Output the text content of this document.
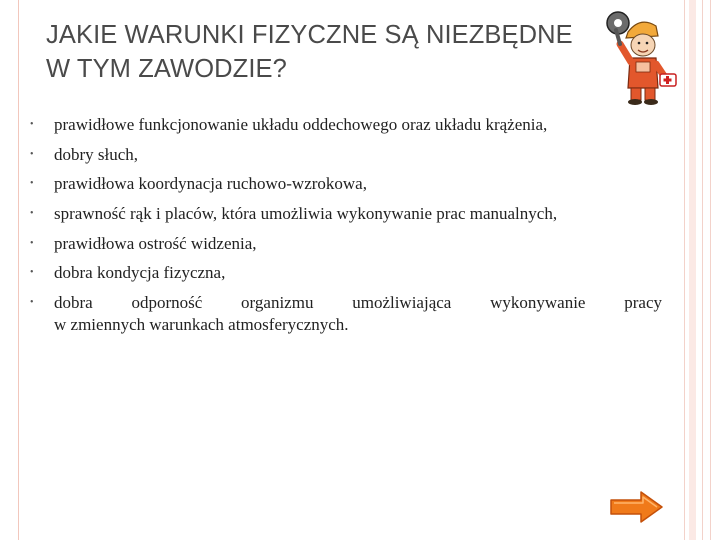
JAKIE WARUNKI FIZYCZNE SĄ NIEZBĘDNE
W TYM ZAWODZIE?
• prawidłowe funkcjonowanie układu oddechowego oraz układu krążenia,
• dobry słuch,
• prawidłowa koordynacja ruchowo-wzrokowa,
• sprawność rąk i placów, która umożliwia wykonywanie prac manualnych,
• prawidłowa ostrość widzenia,
• dobra kondycja fizyczna,
• dobra odporność organizmu umożliwiająca wykonywanie pracy
w zmiennych warunkach atmosferycznych.
